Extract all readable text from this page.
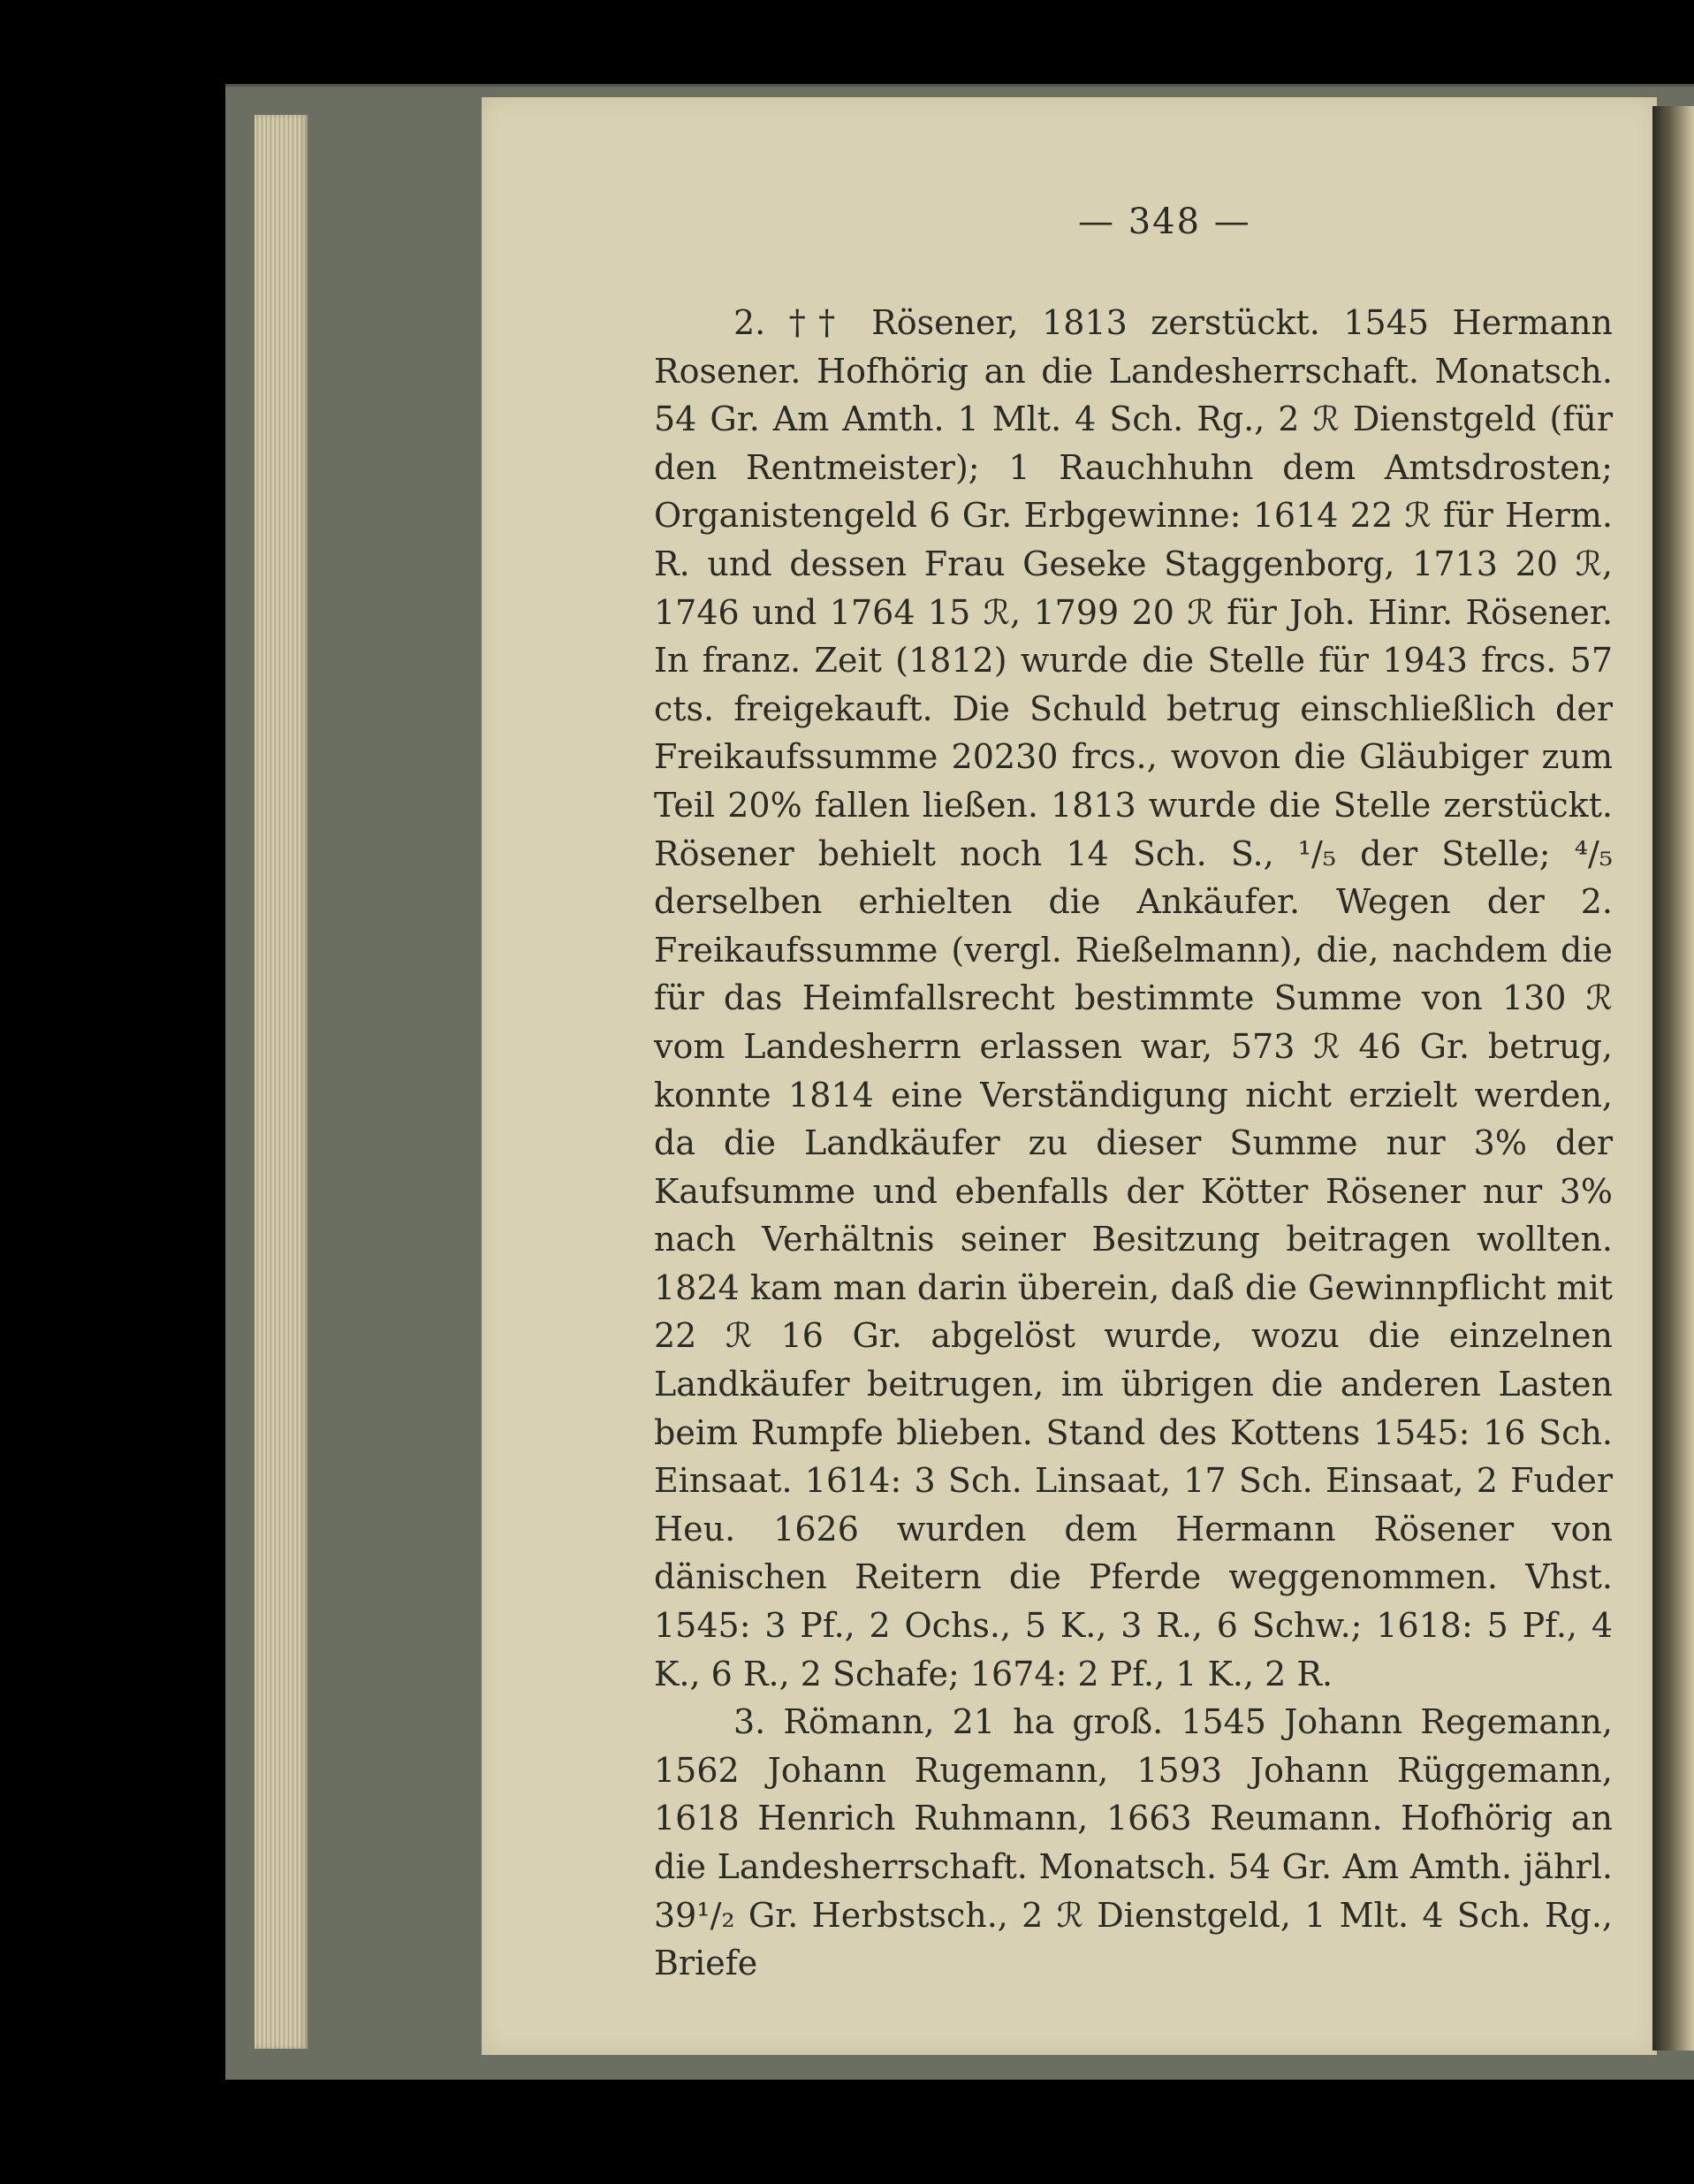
— 348 —

2. †† Rösener, 1813 zerstückt. 1545 Hermann Rosener. Hofhörig an die Landesherrschaft. Monatsch. 54 Gr. Am Amth. 1 Mlt. 4 Sch. Rg., 2 ℛ Dienstgeld (für den Rentmeister); 1 Rauchhuhn dem Amtsdrosten; Organistengeld 6 Gr. Erbgewinne: 1614 22 ℛ für Herm. R. und dessen Frau Geseke Staggenborg, 1713 20 ℛ, 1746 und 1764 15 ℛ, 1799 20 ℛ für Joh. Hinr. Rösener. In franz. Zeit (1812) wurde die Stelle für 1943 frcs. 57 cts. freigekauft. Die Schuld betrug einschließlich der Freikaufssumme 20230 frcs., wovon die Gläubiger zum Teil 20% fallen ließen. 1813 wurde die Stelle zerstückt. Rösener behielt noch 14 Sch. S., ¹/₅ der Stelle; ⁴/₅ derselben erhielten die Ankäufer. Wegen der 2. Freikaufssumme (vergl. Rießelmann), die, nachdem die für das Heimfallsrecht bestimmte Summe von 130 ℛ vom Landesherrn erlassen war, 573 ℛ 46 Gr. betrug, konnte 1814 eine Verständigung nicht erzielt werden, da die Landkäufer zu dieser Summe nur 3% der Kaufsumme und ebenfalls der Kötter Rösener nur 3% nach Verhältnis seiner Besitzung beitragen wollten. 1824 kam man darin überein, daß die Gewinnpflicht mit 22 ℛ 16 Gr. abgelöst wurde, wozu die einzelnen Landkäufer beitrugen, im übrigen die anderen Lasten beim Rumpfe blieben. Stand des Kottens 1545: 16 Sch. Einsaat. 1614: 3 Sch. Linsaat, 17 Sch. Einsaat, 2 Fuder Heu. 1626 wurden dem Hermann Rösener von dänischen Reitern die Pferde weggenommen. Vhst. 1545: 3 Pf., 2 Ochs., 5 K., 3 R., 6 Schw.; 1618: 5 Pf., 4 K., 6 R., 2 Schafe; 1674: 2 Pf., 1 K., 2 R.

3. Römann, 21 ha groß. 1545 Johann Regemann, 1562 Johann Rugemann, 1593 Johann Rüggemann, 1618 Henrich Ruhmann, 1663 Reumann. Hofhörig an die Landesherrschaft. Monatsch. 54 Gr. Am Amth. jährl. 39¹/₂ Gr. Herbstsch., 2 ℛ Dienstgeld, 1 Mlt. 4 Sch. Rg., Briefe
